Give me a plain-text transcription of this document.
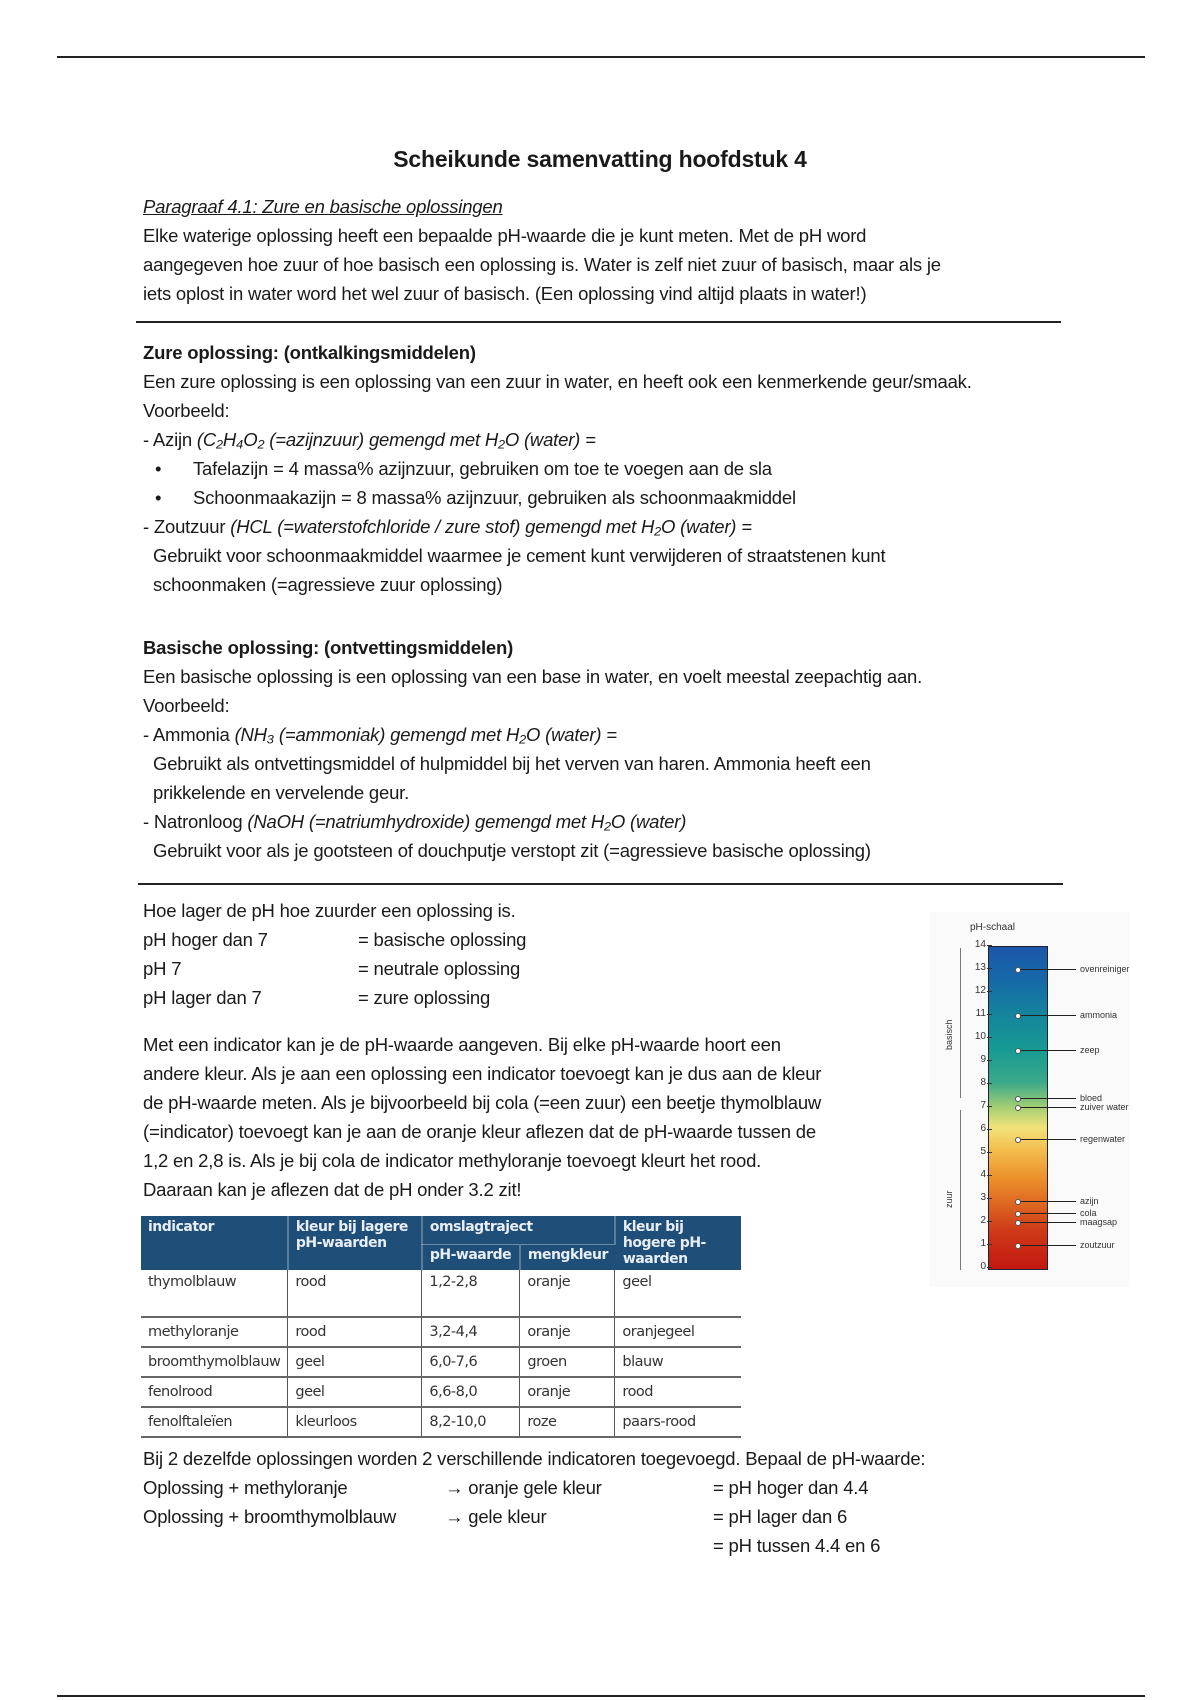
Scheikunde samenvatting hoofdstuk 4
Paragraaf 4.1: Zure en basische oplossingen
Elke waterige oplossing heeft een bepaalde pH-waarde die je kunt meten. Met de pH word
aangegeven hoe zuur of hoe basisch een oplossing is. Water is zelf niet zuur of basisch, maar als je
iets oplost in water word het wel zuur of basisch. (Een oplossing vind altijd plaats in water!)
Zure oplossing: (ontkalkingsmiddelen)
Een zure oplossing is een oplossing van een zuur in water, en heeft ook een kenmerkende geur/smaak.
Voorbeeld:
- Azijn (C₂H₄O₂ (=azijnzuur) gemengd met H₂O (water) =
• Tafelazijn = 4 massa% azijnzuur, gebruiken om toe te voegen aan de sla
• Schoonmaakazijn = 8 massa% azijnzuur, gebruiken als schoonmaakmiddel
- Zoutzuur (HCL (=waterstofchloride / zure stof) gemengd met H₂O (water) =
Gebruikt voor schoonmaakmiddel waarmee je cement kunt verwijderen of straatstenen kunt
schoonmaken (=agressieve zuur oplossing)
Basische oplossing: (ontvettingsmiddelen)
Een basische oplossing is een oplossing van een base in water, en voelt meestal zeepachtig aan.
Voorbeeld:
- Ammonia (NH₃ (=ammoniak) gemengd met H₂O (water) =
Gebruikt als ontvettingsmiddel of hulpmiddel bij het verven van haren. Ammonia heeft een
prikkelende en vervelende geur.
- Natronloog (NaOH (=natriumhydroxide) gemengd met H₂O (water)
Gebruikt voor als je gootsteen of douchputje verstopt zit (=agressieve basische oplossing)
Hoe lager de pH hoe zuurder een oplossing is.
pH hoger dan 7	= basische oplossing
pH 7	= neutrale oplossing
pH lager dan 7	= zure oplossing
Met een indicator kan je de pH-waarde aangeven. Bij elke pH-waarde hoort een
andere kleur. Als je aan een oplossing een indicator toevoegt kan je dus aan de kleur
de pH-waarde meten. Als je bijvoorbeeld bij cola (=een zuur) een beetje thymolblauw
(=indicator) toevoegt kan je aan de oranje kleur aflezen dat de pH-waarde tussen de
1,2 en 2,8 is. Als je bij cola de indicator methyloranje toevoegt kleurt het rood.
Daaraan kan je aflezen dat de pH onder 3.2 zit!
indicator	kleur bij lagere pH-waarden	omslagtraject		kleur bij hogere pH-waarden
		pH-waarde	mengkleur	
thymolblauw	rood	1,2-2,8	oranje	geel
methyloranje	rood	3,2-4,4	oranje	oranjegeel
broomthymolblauw	geel	6,0-7,6	groen	blauw
fenolrood	geel	6,6-8,0	oranje	rood
fenolftaleïen	kleurloos	8,2-10,0	roze	paars-rood
pH-schaal
basisch
zuur
0
1
2
3
4
5
6
7
8
9
10
11
12
13
14
ovenreiniger
ammonia
zeep
bloed
zuiver water
regenwater
azijn
cola
maagsap
zoutzuur
Bij 2 dezelfde oplossingen worden 2 verschillende indicatoren toegevoegd. Bepaal de pH-waarde:
Oplossing + methyloranje	→ oranje gele kleur	= pH hoger dan 4.4
Oplossing + broomthymolblauw	→ gele kleur	= pH lager dan 6
= pH tussen 4.4 en 6
